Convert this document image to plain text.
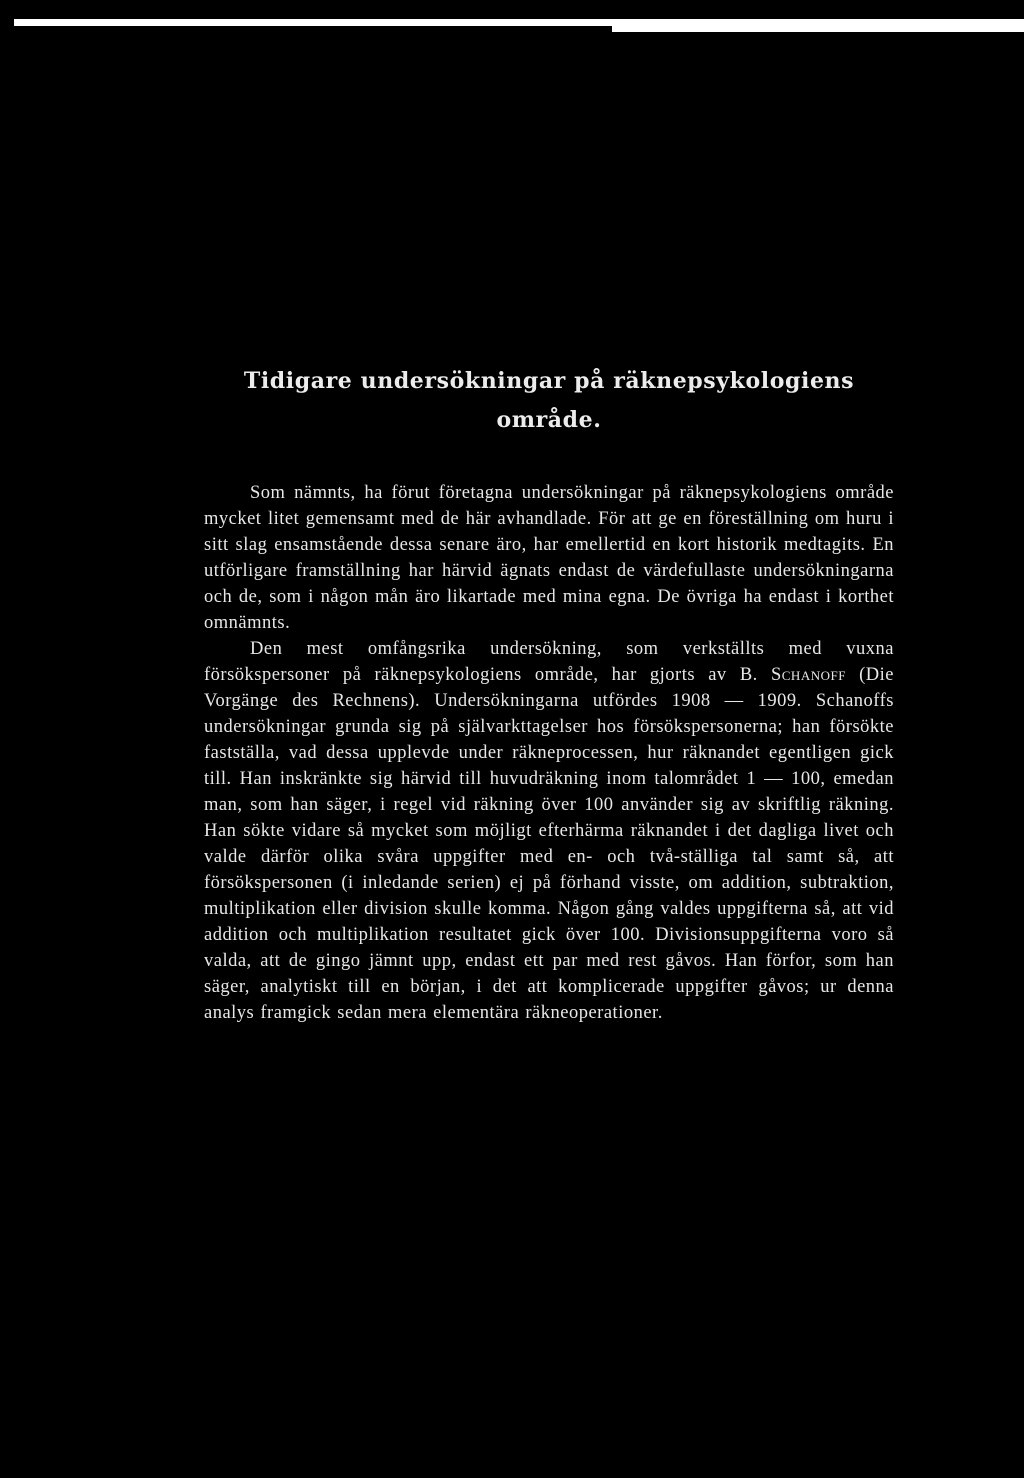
Tidigare undersökningar på räknepsykologiens
område.

Som nämnts, ha förut företagna undersökningar på räknepsykologiens område mycket litet gemensamt med de här avhandlade. För att ge en föreställning om huru i sitt slag ensamstående dessa senare äro, har emellertid en kort historik medtagits. En utförligare framställning har härvid ägnats endast de värdefullaste undersökningarna och de, som i någon mån äro likartade med mina egna. De övriga ha endast i korthet omnämnts.

Den mest omfångsrika undersökning, som verkställts med vuxna försökspersoner på räknepsykologiens område, har gjorts av B. Schanoff (Die Vorgänge des Rechnens). Undersökningarna utfördes 1908 — 1909. Schanoffs undersökningar grunda sig på självarkttagelser hos försökspersonerna; han försökte fastställa, vad dessa upplevde under räkneprocessen, hur räknandet egentligen gick till. Han inskränkte sig härvid till huvudräkning inom talområdet 1 — 100, emedan man, som han säger, i regel vid räkning över 100 använder sig av skriftlig räkning. Han sökte vidare så mycket som möjligt efterhärma räknandet i det dagliga livet och valde därför olika svåra uppgifter med en- och två-ställiga tal samt så, att försökspersonen (i inledande serien) ej på förhand visste, om addition, subtraktion, multiplikation eller division skulle komma. Någon gång valdes uppgifterna så, att vid addition och multiplikation resultatet gick över 100. Divisionsuppgifterna voro så valda, att de gingo jämnt upp, endast ett par med rest gåvos. Han förfor, som han säger, analytiskt till en början, i det att komplicerade uppgifter gåvos; ur denna analys framgick sedan mera elementära räkneoperationer.
